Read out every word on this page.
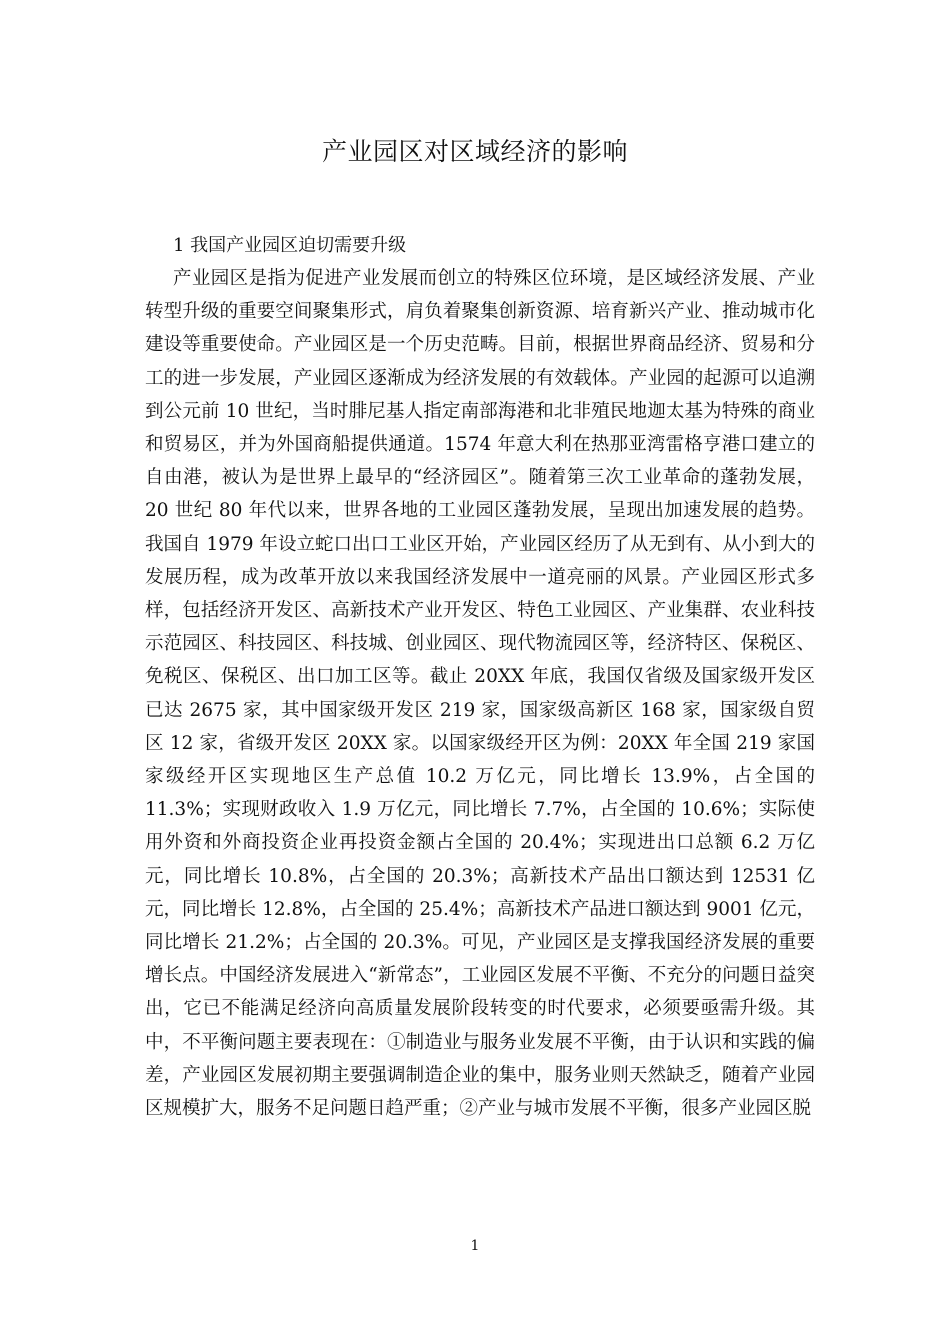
产业园区对区域经济的影响
1 我国产业园区迫切需要升级

产业园区是指为促进产业发展而创立的特殊区位环境，是区域经济发展、产业转型升级的重要空间聚集形式，肩负着聚集创新资源、培育新兴产业、推动城市化建设等重要使命。产业园区是一个历史范畴。目前，根据世界商品经济、贸易和分工的进一步发展，产业园区逐渐成为经济发展的有效载体。产业园的起源可以追溯到公元前 10 世纪，当时腓尼基人指定南部海港和北非殖民地迦太基为特殊的商业和贸易区，并为外国商船提供通道。1574 年意大利在热那亚湾雷格亨港口建立的自由港，被认为是世界上最早的“经济园区”。随着第三次工业革命的蓬勃发展，20 世纪 80 年代以来，世界各地的工业园区蓬勃发展，呈现出加速发展的趋势。我国自 1979 年设立蛇口出口工业区开始，产业园区经历了从无到有、从小到大的发展历程，成为改革开放以来我国经济发展中一道亮丽的风景。产业园区形式多样，包括经济开发区、高新技术产业开发区、特色工业园区、产业集群、农业科技示范园区、科技园区、科技城、创业园区、现代物流园区等，经济特区、保税区、免税区、保税区、出口加工区等。截止 20XX 年底，我国仅省级及国家级开发区已达 2675 家，其中国家级开发区 219 家，国家级高新区 168 家，国家级自贸区 12 家，省级开发区 20XX 家。以国家级经开区为例：20XX 年全国 219 家国家级经开区实现地区生产总值 10.2 万亿元，同比增长 13.9%，占全国的 11.3%；实现财政收入 1.9 万亿元，同比增长 7.7%，占全国的 10.6%；实际使用外资和外商投资企业再投资金额占全国的 20.4%；实现进出口总额 6.2 万亿元，同比增长 10.8%，占全国的 20.3%；高新技术产品出口额达到 12531 亿元，同比增长 12.8%，占全国的 25.4%；高新技术产品进口额达到 9001 亿元，同比增长 21.2%；占全国的 20.3%。可见，产业园区是支撑我国经济发展的重要增长点。中国经济发展进入“新常态”，工业园区发展不平衡、不充分的问题日益突出，它已不能满足经济向高质量发展阶段转变的时代要求，必须要亟需升级。其中，不平衡问题主要表现在：①制造业与服务业发展不平衡，由于认识和实践的偏差，产业园区发展初期主要强调制造企业的集中，服务业则天然缺乏，随着产业园区规模扩大，服务不足问题日趋严重；②产业与城市发展不平衡，很多产业园区脱

1
